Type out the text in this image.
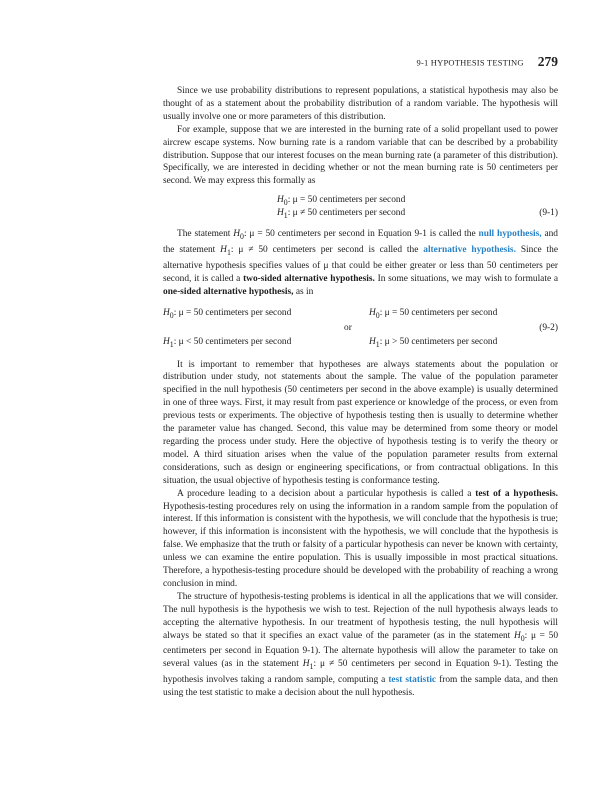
9-1 HYPOTHESIS TESTING 279

Since we use probability distributions to represent populations, a statistical hypothesis may also be thought of as a statement about the probability distribution of a random variable. The hypothesis will usually involve one or more parameters of this distribution.

For example, suppose that we are interested in the burning rate of a solid propellant used to power aircrew escape systems. Now burning rate is a random variable that can be described by a probability distribution. Suppose that our interest focuses on the mean burning rate (a parameter of this distribution). Specifically, we are interested in deciding whether or not the mean burning rate is 50 centimeters per second. We may express this formally as

$H_0$: μ = 50 centimeters per second
$H_1$: μ ≠ 50 centimeters per second	(9-1)

The statement $H_0$: μ = 50 centimeters per second in Equation 9-1 is called the null hypothesis, and the statement $H_1$: μ ≠ 50 centimeters per second is called the alternative hypothesis. Since the alternative hypothesis specifies values of μ that could be either greater or less than 50 centimeters per second, it is called a two-sided alternative hypothesis. In some situations, we may wish to formulate a one-sided alternative hypothesis, as in

$H_0$: μ = 50 centimeters per second
$H_1$: μ < 50 centimeters per second
or
$H_0$: μ = 50 centimeters per second
$H_1$: μ > 50 centimeters per second
(9-2)

It is important to remember that hypotheses are always statements about the population or distribution under study, not statements about the sample. The value of the population parameter specified in the null hypothesis (50 centimeters per second in the above example) is usually determined in one of three ways. First, it may result from past experience or knowledge of the process, or even from previous tests or experiments. The objective of hypothesis testing then is usually to determine whether the parameter value has changed. Second, this value may be determined from some theory or model regarding the process under study. Here the objective of hypothesis testing is to verify the theory or model. A third situation arises when the value of the population parameter results from external considerations, such as design or engineering specifications, or from contractual obligations. In this situation, the usual objective of hypothesis testing is conformance testing.

A procedure leading to a decision about a particular hypothesis is called a test of a hypothesis. Hypothesis-testing procedures rely on using the information in a random sample from the population of interest. If this information is consistent with the hypothesis, we will conclude that the hypothesis is true; however, if this information is inconsistent with the hypothesis, we will conclude that the hypothesis is false. We emphasize that the truth or falsity of a particular hypothesis can never be known with certainty, unless we can examine the entire population. This is usually impossible in most practical situations. Therefore, a hypothesis-testing procedure should be developed with the probability of reaching a wrong conclusion in mind.

The structure of hypothesis-testing problems is identical in all the applications that we will consider. The null hypothesis is the hypothesis we wish to test. Rejection of the null hypothesis always leads to accepting the alternative hypothesis. In our treatment of hypothesis testing, the null hypothesis will always be stated so that it specifies an exact value of the parameter (as in the statement $H_0$: μ = 50 centimeters per second in Equation 9-1). The alternate hypothesis will allow the parameter to take on several values (as in the statement $H_1$: μ ≠ 50 centimeters per second in Equation 9-1). Testing the hypothesis involves taking a random sample, computing a test statistic from the sample data, and then using the test statistic to make a decision about the null hypothesis.
